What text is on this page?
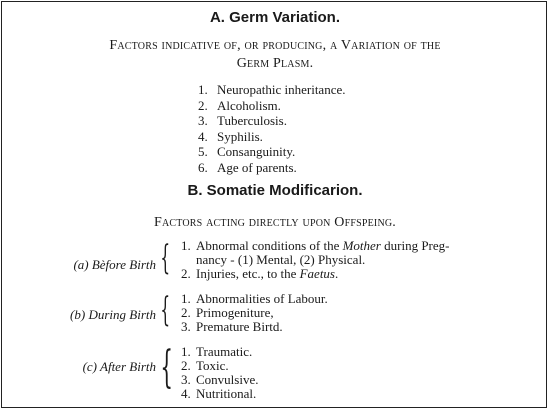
A. Germ Variation.
Factors indicative of, or producing, a Variation of the
Germ Plasm.
1. Neuropathic inheritance.
2. Alcoholism.
3. Tuberculosis.
4. Syphilis.
5. Consanguinity.
6. Age of parents.
B. Somatie Modificarion.
Factors acting directly upon Offspeing.
(a) Bèfore Birth { 1. Abnormal conditions of the Mother during Preg-
nancy - (1) Mental, (2) Physical.
2. Injuries, etc., to the Faetus.
(b) During Birth { 1. Abnormalities of Labour.
2. Primogeniture,
3. Premature Birtd.
(c) After Birth { 1. Traumatic.
2. Toxic.
3. Convulsive.
4. Nutritional.
